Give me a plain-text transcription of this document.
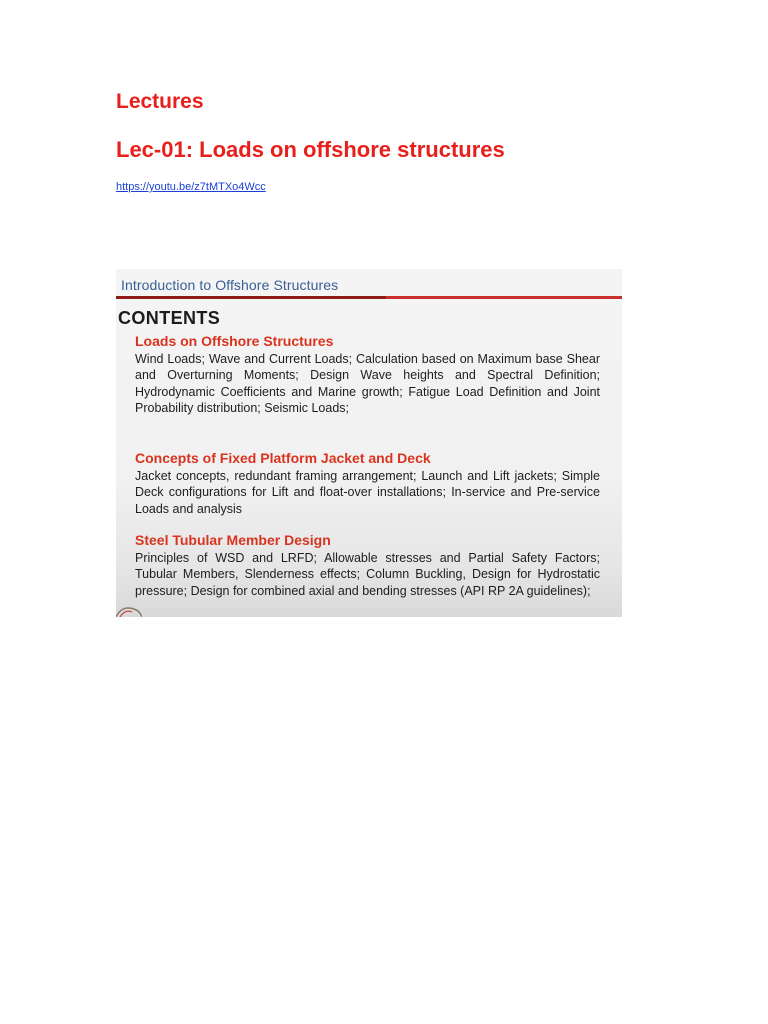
Lectures
Lec-01: Loads on offshore structures
https://youtu.be/z7tMTXo4Wcc
Introduction to Offshore Structures
CONTENTS
Loads on Offshore Structures

Wind Loads; Wave and Current Loads; Calculation based on Maximum base Shear and Overturning Moments; Design Wave heights and Spectral Definition; Hydrodynamic Coefficients and Marine growth; Fatigue Load Definition and Joint Probability distribution; Seismic Loads;

Concepts of Fixed Platform Jacket and Deck

Jacket concepts, redundant framing arrangement; Launch and Lift jackets; Simple Deck configurations for Lift and float-over installations; In-service and Pre-service Loads and analysis

Steel Tubular Member Design

Principles of WSD and LRFD; Allowable stresses and Partial Safety Factors; Tubular Members, Slenderness effects; Column Buckling, Design for Hydrostatic pressure; Design for combined axial and bending stresses (API RP 2A guidelines);
